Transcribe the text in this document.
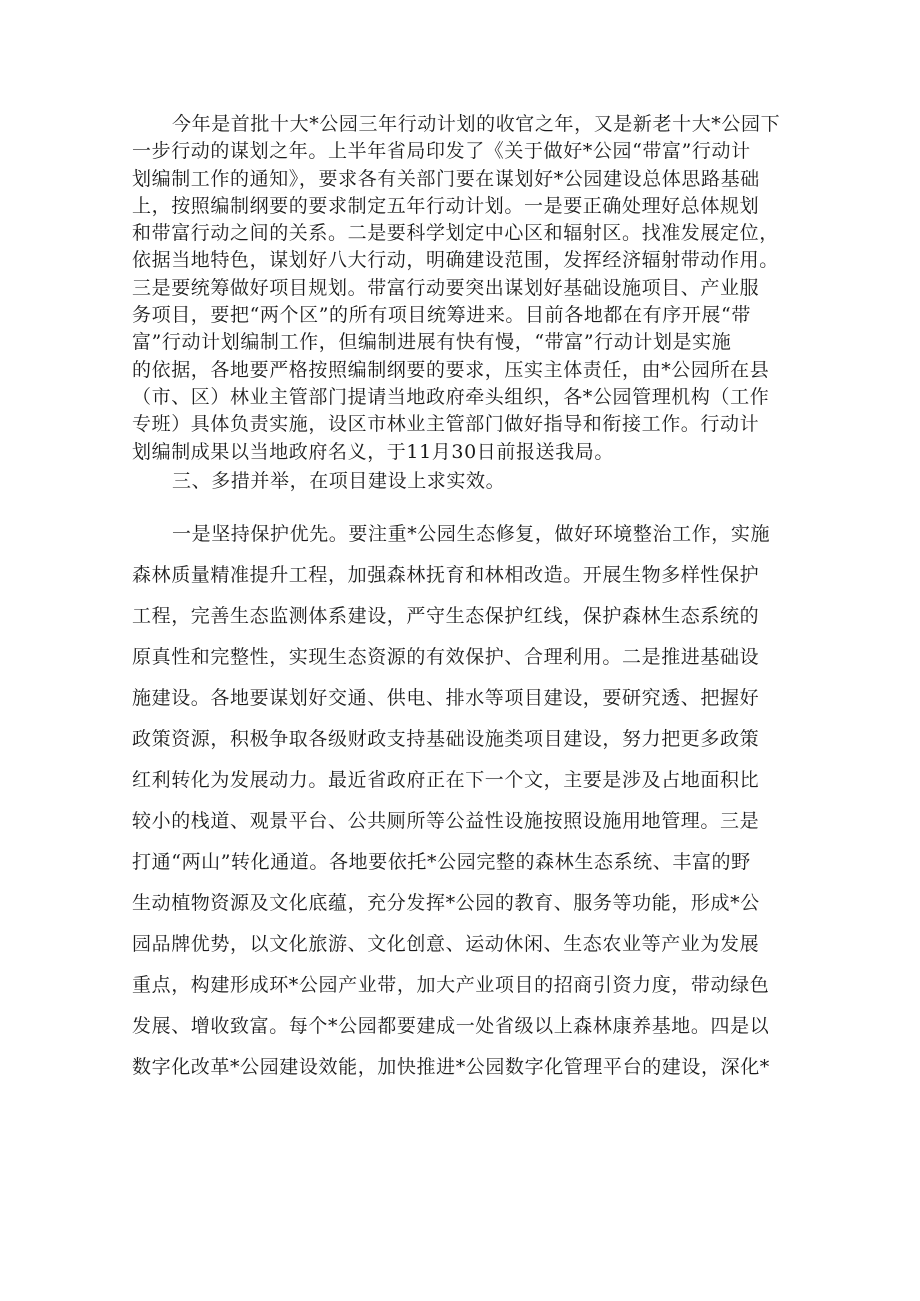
今年是首批十大*公园三年行动计划的收官之年，又是新老十大*公园下
一步行动的谋划之年。上半年省局印发了《关于做好*公园“带富”行动计
划编制工作的通知》，要求各有关部门要在谋划好*公园建设总体思路基础
上，按照编制纲要的要求制定五年行动计划。一是要正确处理好总体规划
和带富行动之间的关系。二是要科学划定中心区和辐射区。找准发展定位，
依据当地特色，谋划好八大行动，明确建设范围，发挥经济辐射带动作用。
三是要统筹做好项目规划。带富行动要突出谋划好基础设施项目、产业服
务项目，要把“两个区”的所有项目统筹进来。目前各地都在有序开展“带
富”行动计划编制工作，但编制进展有快有慢，“带富”行动计划是实施
的依据，各地要严格按照编制纲要的要求，压实主体责任，由*公园所在县
（市、区）林业主管部门提请当地政府牵头组织，各*公园管理机构（工作
专班）具体负责实施，设区市林业主管部门做好指导和衔接工作。行动计
划编制成果以当地政府名义，于11月30日前报送我局。
三、多措并举，在项目建设上求实效。
一是坚持保护优先。要注重*公园生态修复，做好环境整治工作，实施
森林质量精准提升工程，加强森林抚育和林相改造。开展生物多样性保护
工程，完善生态监测体系建设，严守生态保护红线，保护森林生态系统的
原真性和完整性，实现生态资源的有效保护、合理利用。二是推进基础设
施建设。各地要谋划好交通、供电、排水等项目建设，要研究透、把握好
政策资源，积极争取各级财政支持基础设施类项目建设，努力把更多政策
红利转化为发展动力。最近省政府正在下一个文，主要是涉及占地面积比
较小的栈道、观景平台、公共厕所等公益性设施按照设施用地管理。三是
打通“两山”转化通道。各地要依托*公园完整的森林生态系统、丰富的野
生动植物资源及文化底蕴，充分发挥*公园的教育、服务等功能，形成*公
园品牌优势，以文化旅游、文化创意、运动休闲、生态农业等产业为发展
重点，构建形成环*公园产业带，加大产业项目的招商引资力度，带动绿色
发展、增收致富。每个*公园都要建成一处省级以上森林康养基地。四是以
数字化改革*公园建设效能，加快推进*公园数字化管理平台的建设，深化*
